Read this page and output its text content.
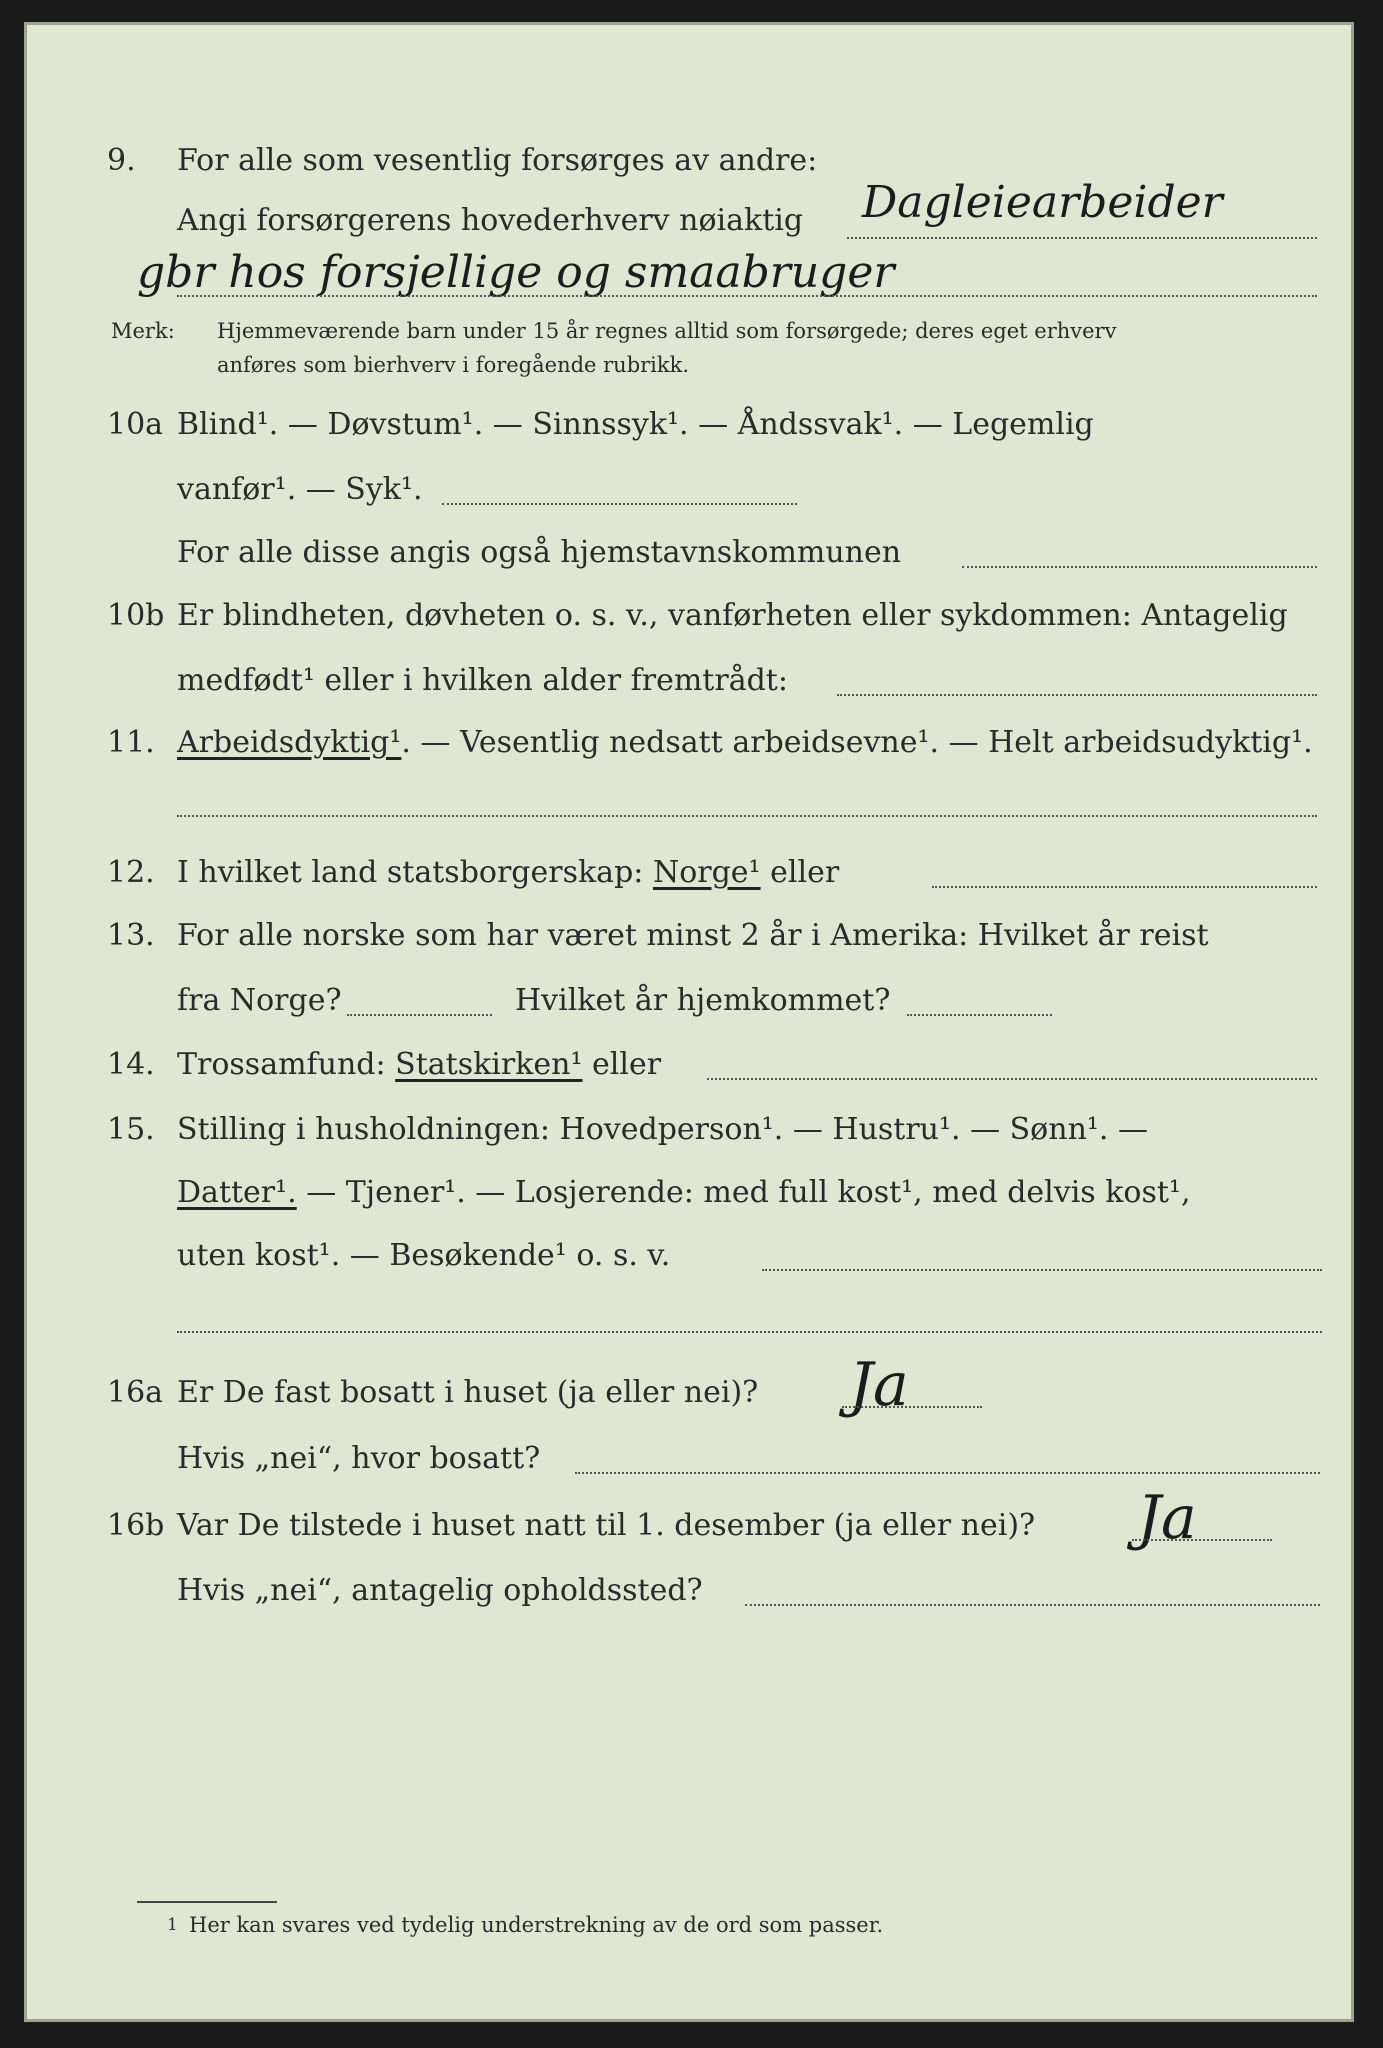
9. For alle som vesentlig forsørges av andre:
Angi forsørgerens hovederhverv nøiaktig Dagleiearbeider
gbr hos forsjellige og smaabruger
Merk: Hjemmeværende barn under 15 år regnes alltid som forsørgede; deres eget erhverv
anføres som bierhverv i foregående rubrikk.
10a Blind¹. — Døvstum¹. — Sinnssyk¹. — Åndssvak¹. — Legemlig
vanfør¹. — Syk¹.
For alle disse angis også hjemstavnskommunen
10b Er blindheten, døvheten o. s. v., vanførheten eller sykdommen: Antagelig
medfødt¹ eller i hvilken alder fremtrådt:
11. Arbeidsdyktig¹. — Vesentlig nedsatt arbeidsevne¹. — Helt arbeidsudyktig¹.
12. I hvilket land statsborgerskap: Norge¹ eller
13. For alle norske som har været minst 2 år i Amerika: Hvilket år reist
fra Norge?	Hvilket år hjemkommet?
14. Trossamfund: Statskirken¹ eller
15. Stilling i husholdningen: Hovedperson¹. — Hustru¹. — Sønn¹. —
Datter¹. — Tjener¹. — Losjerende: med full kost¹, med delvis kost¹,
uten kost¹. — Besøkende¹ o. s. v.
16a Er De fast bosatt i huset (ja eller nei)? Ja
Hvis „nei“, hvor bosatt?
16b Var De tilstede i huset natt til 1. desember (ja eller nei)? Ja
Hvis „nei“, antagelig opholdssted?
1 Her kan svares ved tydelig understrekning av de ord som passer.
